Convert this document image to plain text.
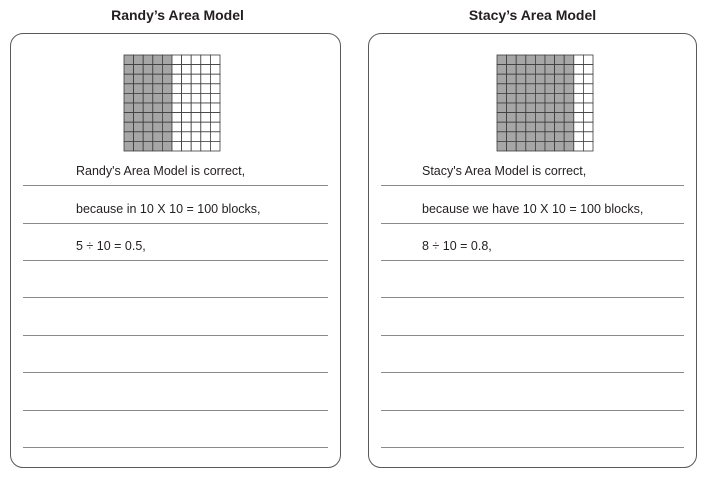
Randy’s Area Model
Randy's Area Model is correct,
because in 10 X 10 = 100 blocks,
5 ÷ 10 = 0.5,
Stacy’s Area Model
Stacy's Area Model is correct,
because we have 10 X 10 = 100 blocks,
8 ÷ 10 = 0.8,
